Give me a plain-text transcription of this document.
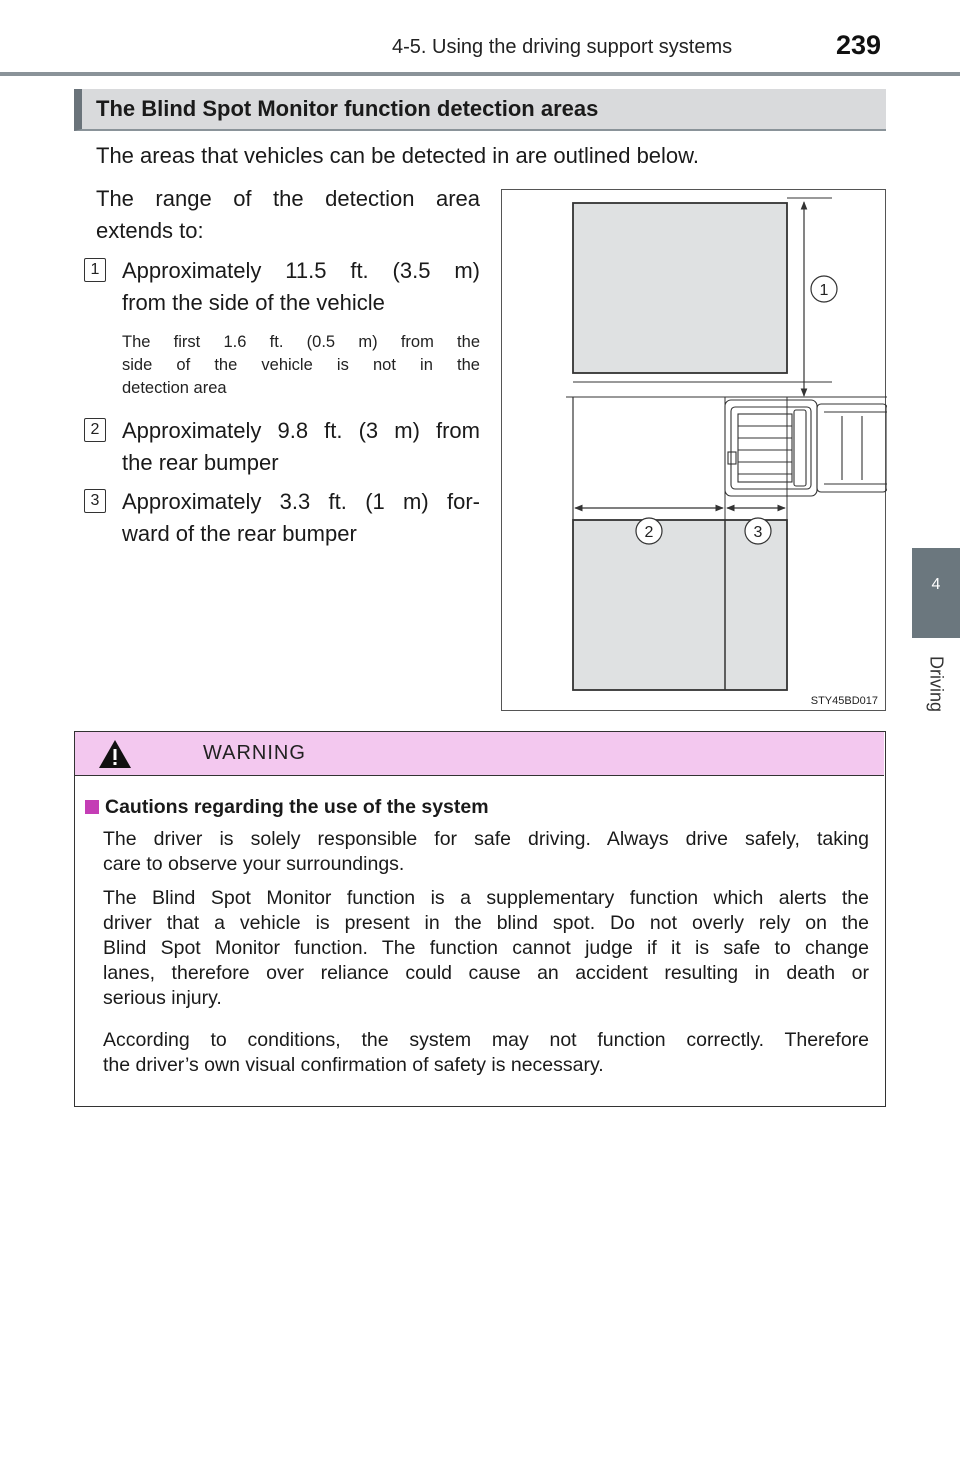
4-5. Using the driving support systems	239
4
Driving
The Blind Spot Monitor function detection areas
The areas that vehicles can be detected in are outlined below.
The range of the detection area
extends to:
1 Approximately 11.5 ft. (3.5 m)
from the side of the vehicle
The first 1.6 ft. (0.5 m) from the
side of the vehicle is not in the
detection area
2 Approximately 9.8 ft. (3 m) from
the rear bumper
3 Approximately 3.3 ft. (1 m) for-
ward of the rear bumper
1
2	3
STY45BD017
WARNING
Cautions regarding the use of the system
The driver is solely responsible for safe driving. Always drive safely, taking
care to observe your surroundings.
The Blind Spot Monitor function is a supplementary function which alerts the
driver that a vehicle is present in the blind spot. Do not overly rely on the
Blind Spot Monitor function. The function cannot judge if it is safe to change
lanes, therefore over reliance could cause an accident resulting in death or
serious injury.
According to conditions, the system may not function correctly. Therefore
the driver’s own visual confirmation of safety is necessary.
